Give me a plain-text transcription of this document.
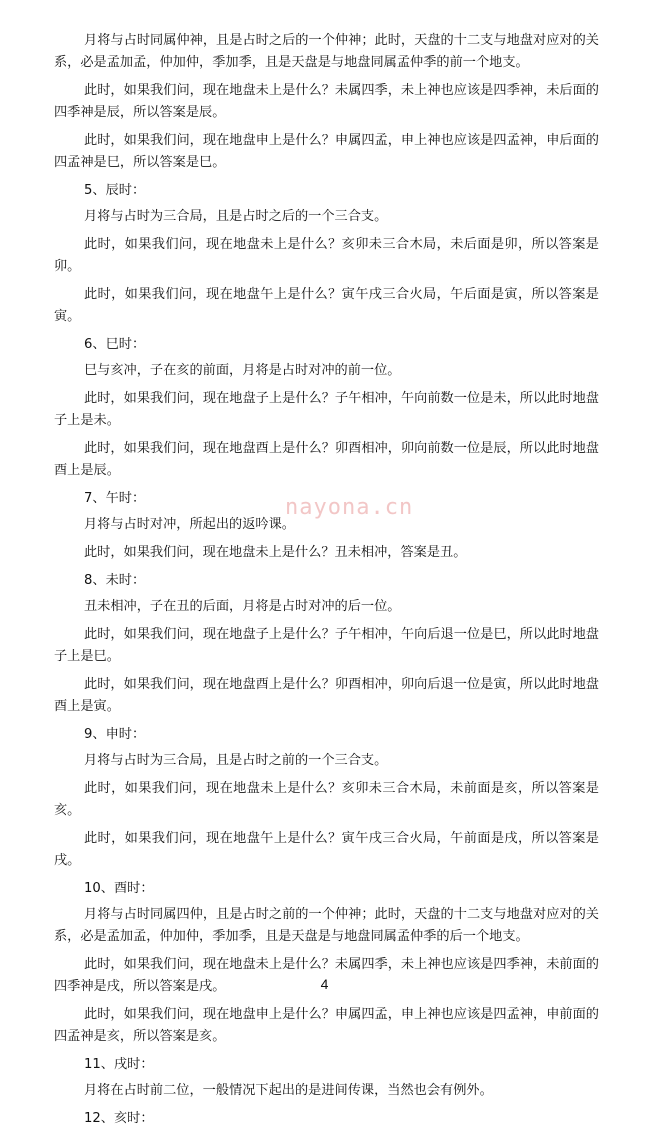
月将与占时同属仲神，且是占时之后的一个仲神；此时，天盘的十二支与地盘对应对的关系，必是孟加孟，仲加仲，季加季，且是天盘是与地盘同属孟仲季的前一个地支。

此时，如果我们问，现在地盘未上是什么？未属四季，未上神也应该是四季神，未后面的四季神是辰，所以答案是辰。

此时，如果我们问，现在地盘申上是什么？申属四孟，申上神也应该是四孟神，申后面的四孟神是巳，所以答案是巳。

5、辰时：

月将与占时为三合局，且是占时之后的一个三合支。

此时，如果我们问，现在地盘未上是什么？亥卯未三合木局，未后面是卯，所以答案是卯。

此时，如果我们问，现在地盘午上是什么？寅午戌三合火局，午后面是寅，所以答案是寅。

6、巳时：

巳与亥冲，子在亥的前面，月将是占时对冲的前一位。

此时，如果我们问，现在地盘子上是什么？子午相冲，午向前数一位是未，所以此时地盘子上是未。

此时，如果我们问，现在地盘酉上是什么？卯酉相冲，卯向前数一位是辰，所以此时地盘酉上是辰。

7、午时：

月将与占时对冲，所起出的返吟课。

此时，如果我们问，现在地盘未上是什么？丑未相冲，答案是丑。

8、未时：

丑未相冲，子在丑的后面，月将是占时对冲的后一位。

此时，如果我们问，现在地盘子上是什么？子午相冲，午向后退一位是巳，所以此时地盘子上是巳。

此时，如果我们问，现在地盘酉上是什么？卯酉相冲，卯向后退一位是寅，所以此时地盘酉上是寅。

9、申时：

月将与占时为三合局，且是占时之前的一个三合支。

此时，如果我们问，现在地盘未上是什么？亥卯未三合木局，未前面是亥，所以答案是亥。

此时，如果我们问，现在地盘午上是什么？寅午戌三合火局，午前面是戌，所以答案是戌。

10、酉时：

月将与占时同属四仲，且是占时之前的一个仲神；此时，天盘的十二支与地盘对应对的关系，必是孟加孟，仲加仲，季加季，且是天盘是与地盘同属孟仲季的后一个地支。

此时，如果我们问，现在地盘未上是什么？未属四季，未上神也应该是四季神，未前面的四季神是戌，所以答案是戌。

此时，如果我们问，现在地盘申上是什么？申属四孟，申上神也应该是四孟神，申前面的四孟神是亥，所以答案是亥。

11、戌时：

月将在占时前二位，一般情况下起出的是进间传课，当然也会有例外。

12、亥时：

nayona.cn
4
